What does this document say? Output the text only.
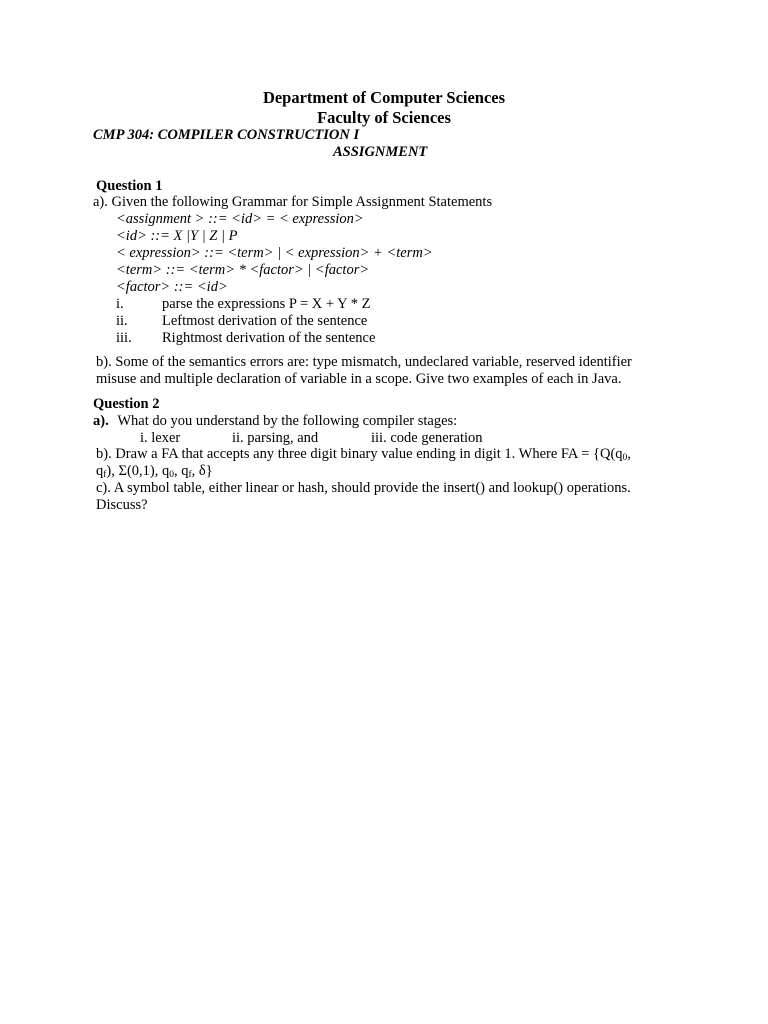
Department of Computer Sciences
Faculty of Sciences
CMP 304: COMPILER CONSTRUCTION I
ASSIGNMENT
Question 1
a). Given the following Grammar for Simple Assignment Statements
<assignment > ::= <id> = < expression>
<id> ::= X |Y | Z | P
< expression> ::= <term> | < expression> + <term>
<term> ::= <term> * <factor> | <factor>
<factor> ::= <id>
i.	parse the expressions P = X + Y * Z
ii. Leftmost derivation of the sentence
iii. Rightmost derivation of the sentence
b). Some of the semantics errors are: type mismatch, undeclared variable, reserved identifier
misuse and multiple declaration of variable in a scope. Give two examples of each in Java.
Question 2
a). What do you understand by the following compiler stages:
i. lexer	ii. parsing, and	iii. code generation
b). Draw a FA that accepts any three digit binary value ending in digit 1. Where FA = {$Q(q_0$,
$q_f$), Σ(0,1), $q_0$, $q_f$, δ}
c). A symbol table, either linear or hash, should provide the insert() and lookup() operations.
Discuss?
